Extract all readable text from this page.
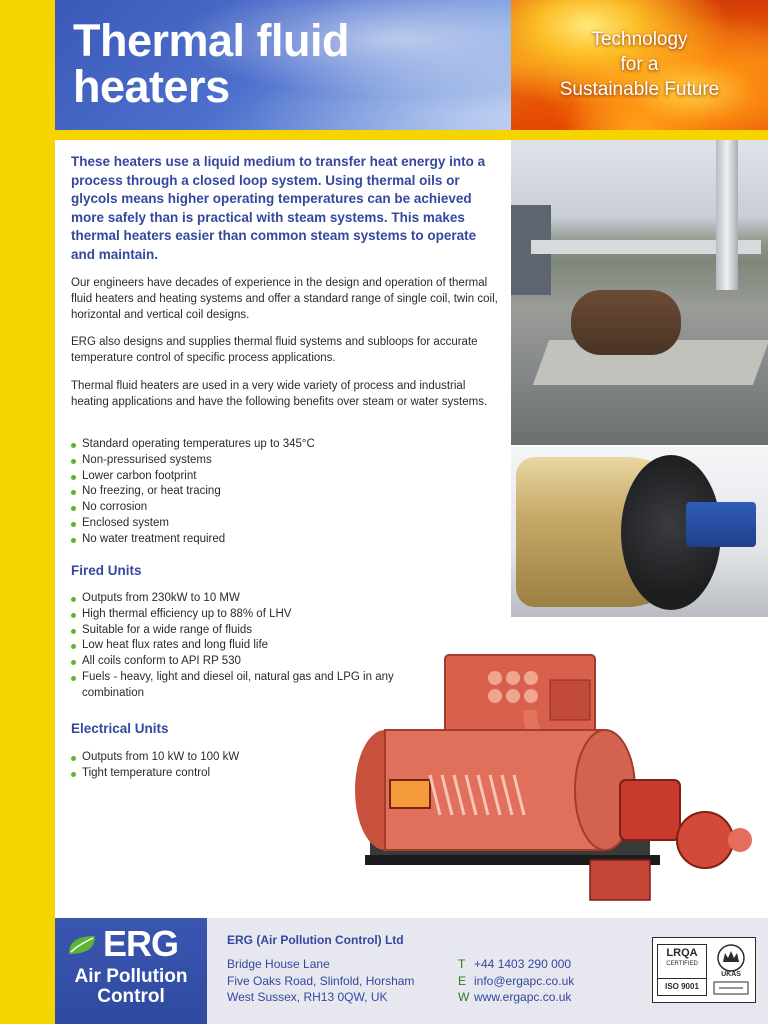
Thermal fluid
heaters
Technology
for a
Sustainable Future

These heaters use a liquid medium to transfer heat energy into a process through a closed loop system. Using thermal oils or glycols means higher operating temperatures can be achieved more safely than is practical with steam systems. This makes thermal heaters easier than common steam systems to operate and maintain.

Our engineers have decades of experience in the design and operation of thermal fluid heaters and heating systems and offer a standard range of single coil, twin coil, horizontal and vertical coil designs.

ERG also designs and supplies thermal fluid systems and subloops for accurate temperature control of specific process applications.

Thermal fluid heaters are used in a very wide variety of process and industrial heating applications and have the following benefits over steam or water systems.

Standard operating temperatures up to 345°C
Non-pressurised systems
Lower carbon footprint
No freezing, or heat tracing
No corrosion
Enclosed system
No water treatment required
Fired Units
Outputs from 230kW to 10 MW
High thermal efficiency up to 88% of LHV
Suitable for a wide range of fluids
Low heat flux rates and long fluid life
All coils conform to API RP 530
Fuels - heavy, light and diesel oil, natural gas and LPG in any combination
Electrical Units
Outputs from 10 kW to 100 kW
Tight temperature control
ERG
Air Pollution
Control
ERG (Air Pollution Control) Ltd
Bridge House Lane
Five Oaks Road, Slinfold, Horsham
West Sussex, RH13 0QW, UK
T +44 1403 290 000
E info@ergapc.co.uk
W www.ergapc.co.uk
LRQA
CERTIFIED
ISO 9001
UKAS
